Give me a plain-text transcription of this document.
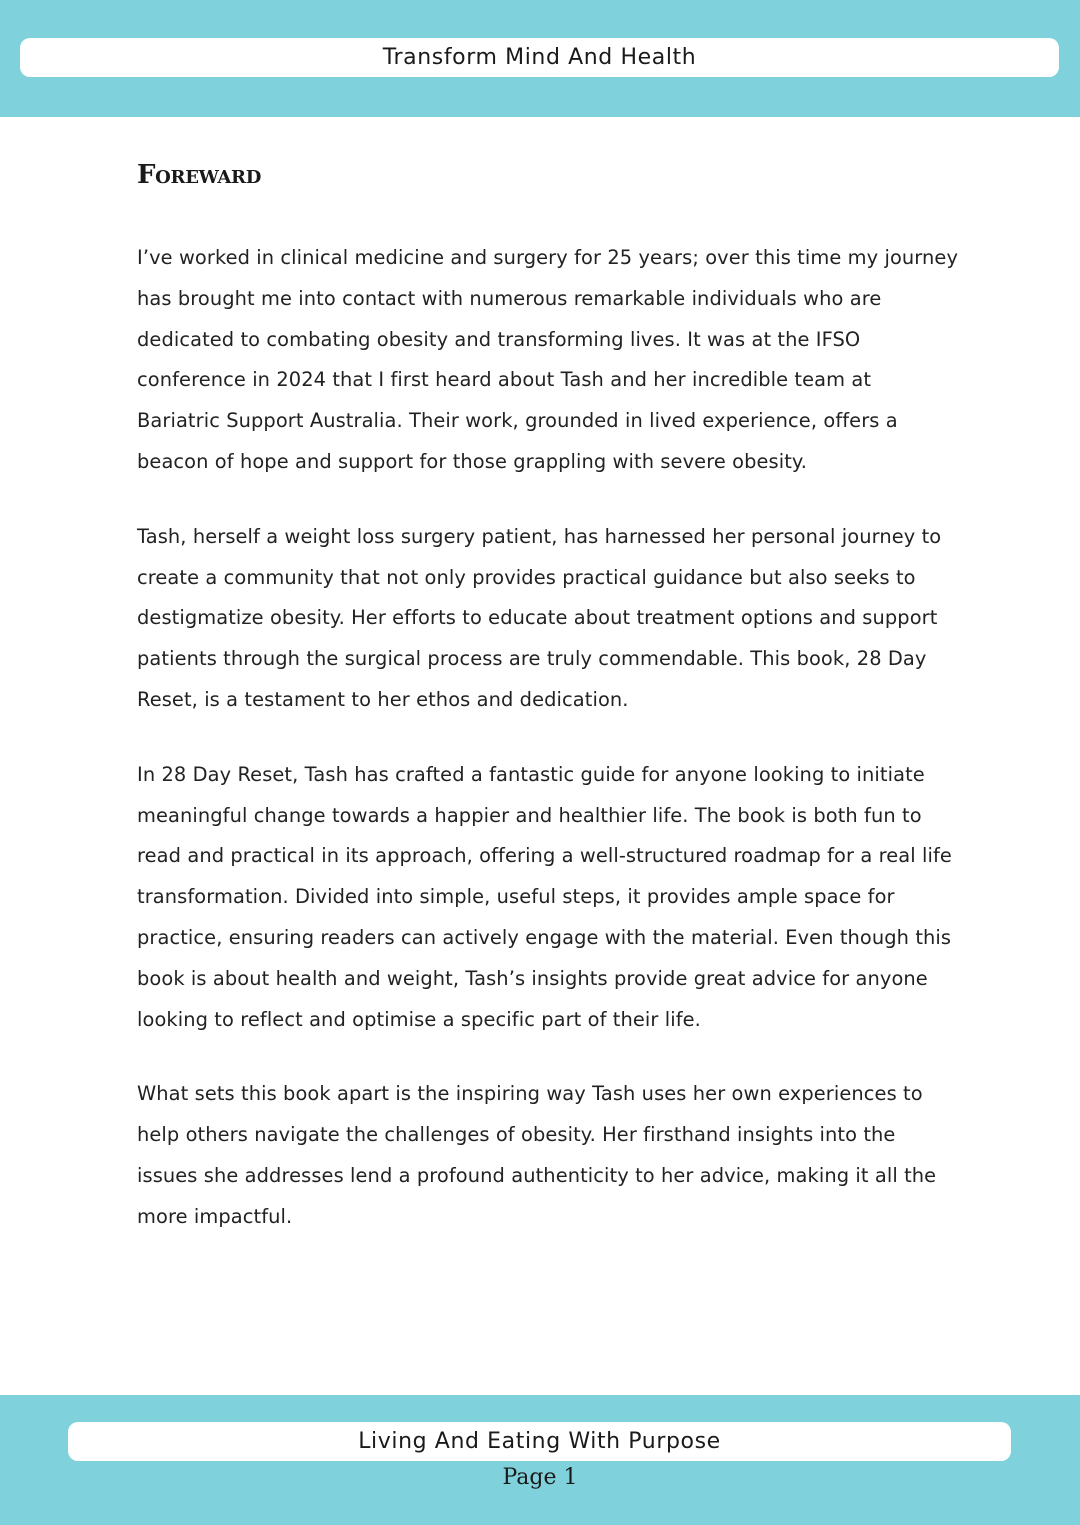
Transform Mind And Health
Foreward

I’ve worked in clinical medicine and surgery for 25 years; over this time my journey
has brought me into contact with numerous remarkable individuals who are
dedicated to combating obesity and transforming lives. It was at the IFSO
conference in 2024 that I first heard about Tash and her incredible team at
Bariatric Support Australia. Their work, grounded in lived experience, offers a
beacon of hope and support for those grappling with severe obesity.

Tash, herself a weight loss surgery patient, has harnessed her personal journey to
create a community that not only provides practical guidance but also seeks to
destigmatize obesity. Her efforts to educate about treatment options and support
patients through the surgical process are truly commendable. This book, 28 Day
Reset, is a testament to her ethos and dedication.

In 28 Day Reset, Tash has crafted a fantastic guide for anyone looking to initiate
meaningful change towards a happier and healthier life. The book is both fun to
read and practical in its approach, offering a well-structured roadmap for a real life
transformation. Divided into simple, useful steps, it provides ample space for
practice, ensuring readers can actively engage with the material. Even though this
book is about health and weight, Tash’s insights provide great advice for anyone
looking to reflect and optimise a specific part of their life.

What sets this book apart is the inspiring way Tash uses her own experiences to
help others navigate the challenges of obesity. Her firsthand insights into the
issues she addresses lend a profound authenticity to her advice, making it all the
more impactful.

Living And Eating With Purpose
Page 1
